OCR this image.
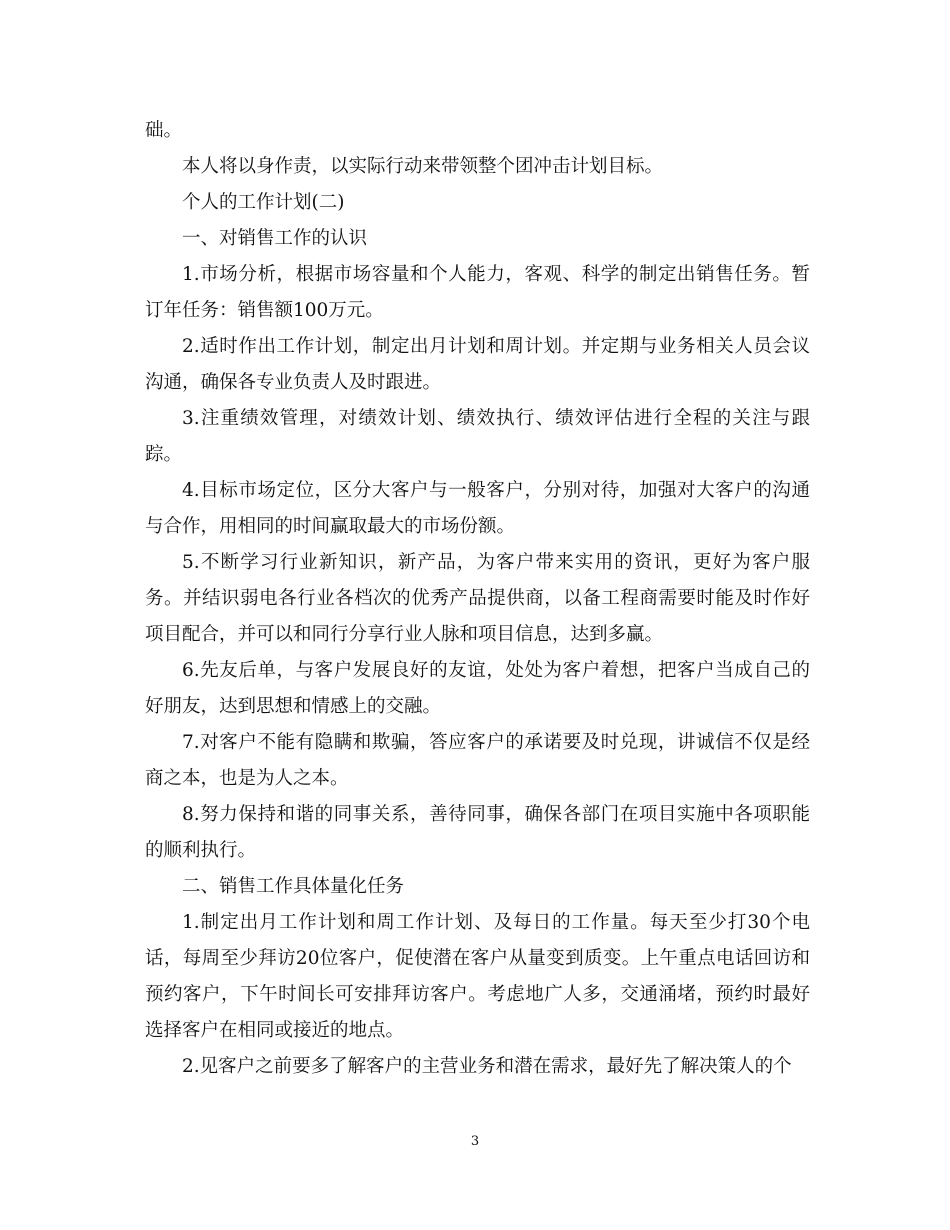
础。

本人将以身作责，以实际行动来带领整个团冲击计划目标。

个人的工作计划(二)

一、对销售工作的认识

1.市场分析，根据市场容量和个人能力，客观、科学的制定出销售任务。暂订年任务：销售额100万元。

2.适时作出工作计划，制定出月计划和周计划。并定期与业务相关人员会议沟通，确保各专业负责人及时跟进。

3.注重绩效管理，对绩效计划、绩效执行、绩效评估进行全程的关注与跟踪。

4.目标市场定位，区分大客户与一般客户，分别对待，加强对大客户的沟通与合作，用相同的时间赢取最大的市场份额。

5.不断学习行业新知识，新产品，为客户带来实用的资讯，更好为客户服务。并结识弱电各行业各档次的优秀产品提供商，以备工程商需要时能及时作好项目配合，并可以和同行分享行业人脉和项目信息，达到多赢。

6.先友后单，与客户发展良好的友谊，处处为客户着想，把客户当成自己的好朋友，达到思想和情感上的交融。

7.对客户不能有隐瞒和欺骗，答应客户的承诺要及时兑现，讲诚信不仅是经商之本，也是为人之本。

8.努力保持和谐的同事关系，善待同事，确保各部门在项目实施中各项职能的顺利执行。

二、销售工作具体量化任务

1.制定出月工作计划和周工作计划、及每日的工作量。每天至少打30个电话，每周至少拜访20位客户，促使潜在客户从量变到质变。上午重点电话回访和预约客户，下午时间长可安排拜访客户。考虑地广人多，交通涌堵，预约时最好选择客户在相同或接近的地点。

2.见客户之前要多了解客户的主营业务和潜在需求，最好先了解决策人的个

3
